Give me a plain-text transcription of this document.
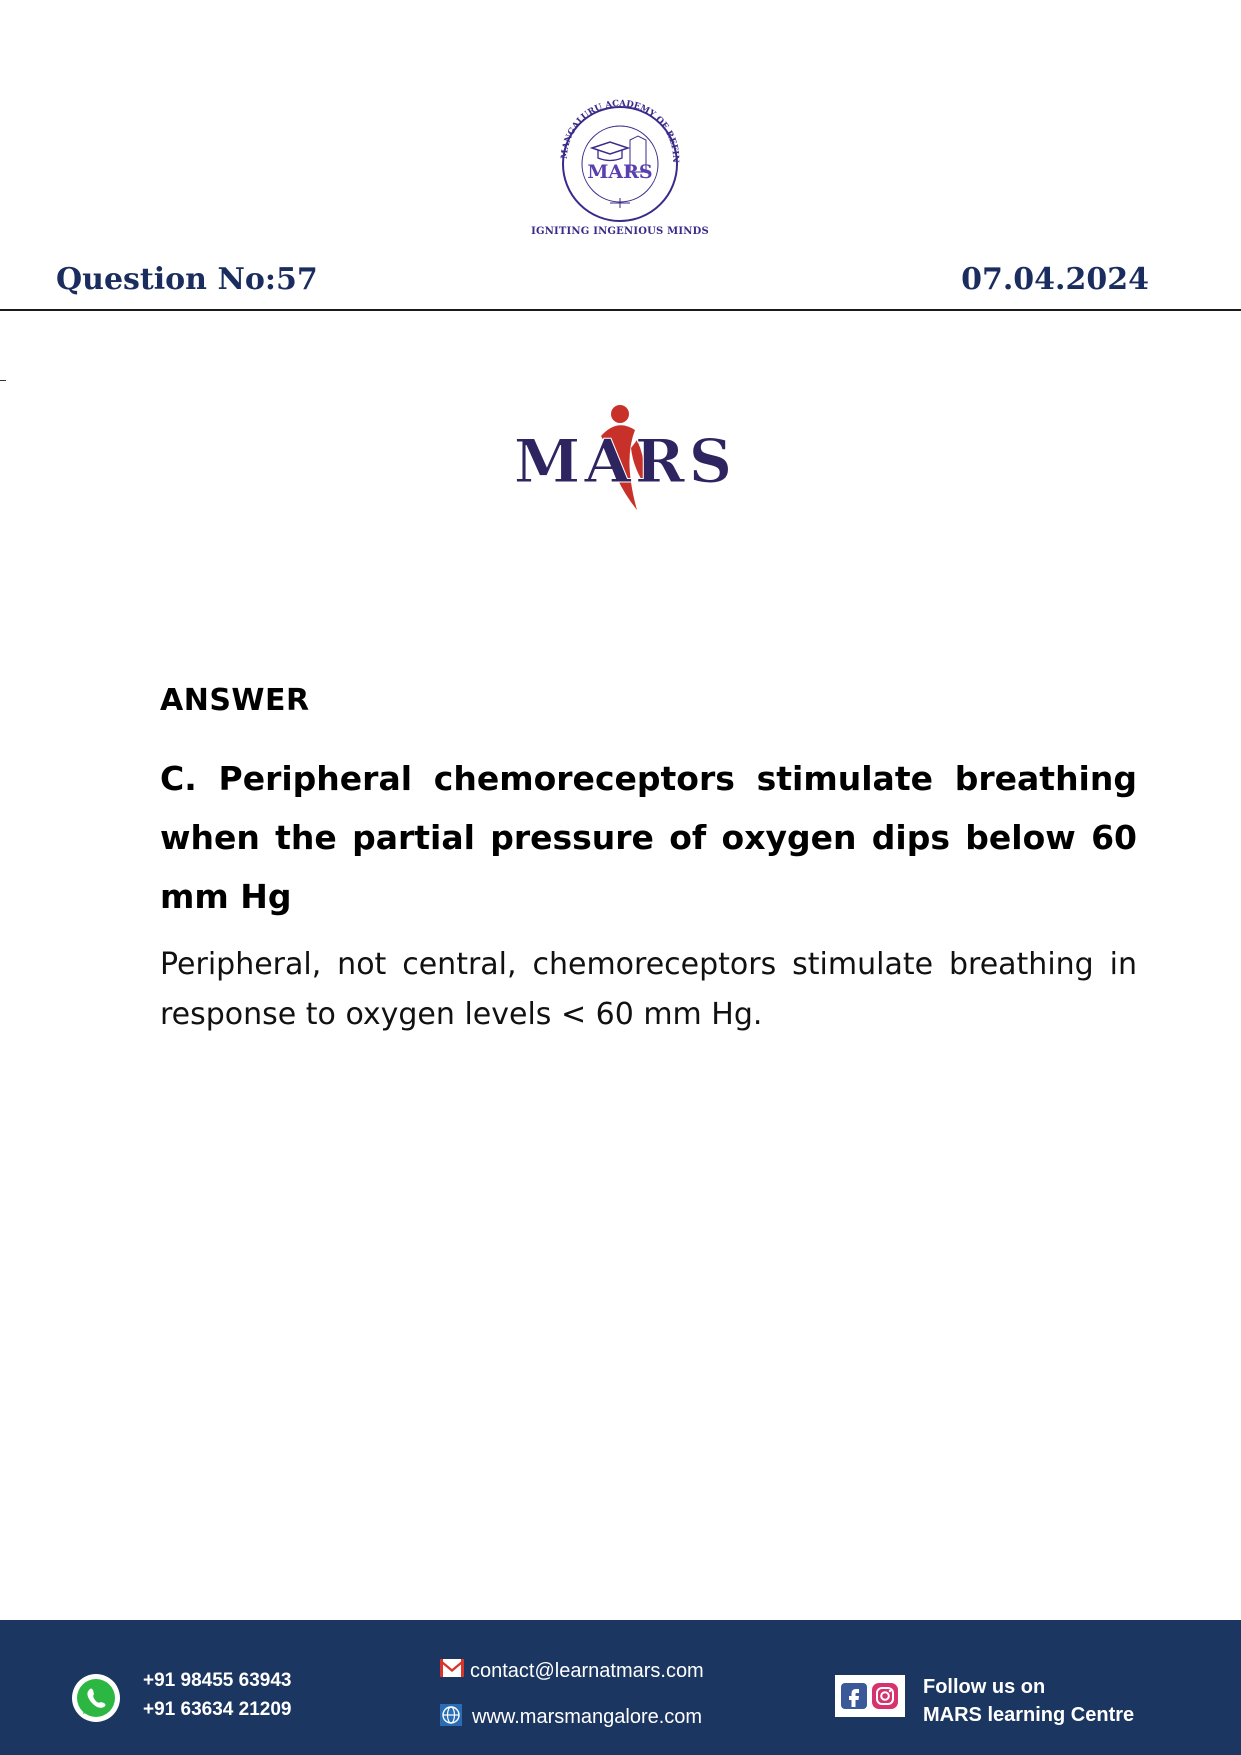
MANGALURU ACADEMY OF REFIN
MARS
IGNITING INGENIOUS MINDS
Question No:57	07.04.2024
MARS
ANSWER
C. Peripheral chemoreceptors stimulate breathing when the partial pressure of oxygen dips below 60 mm Hg
Peripheral, not central, chemoreceptors stimulate breathing in response to oxygen levels < 60 mm Hg.
+91 98455 63943
+91 63634 21209
contact@learnatmars.com
www.marsmangalore.com
Follow us on
MARS learning Centre
